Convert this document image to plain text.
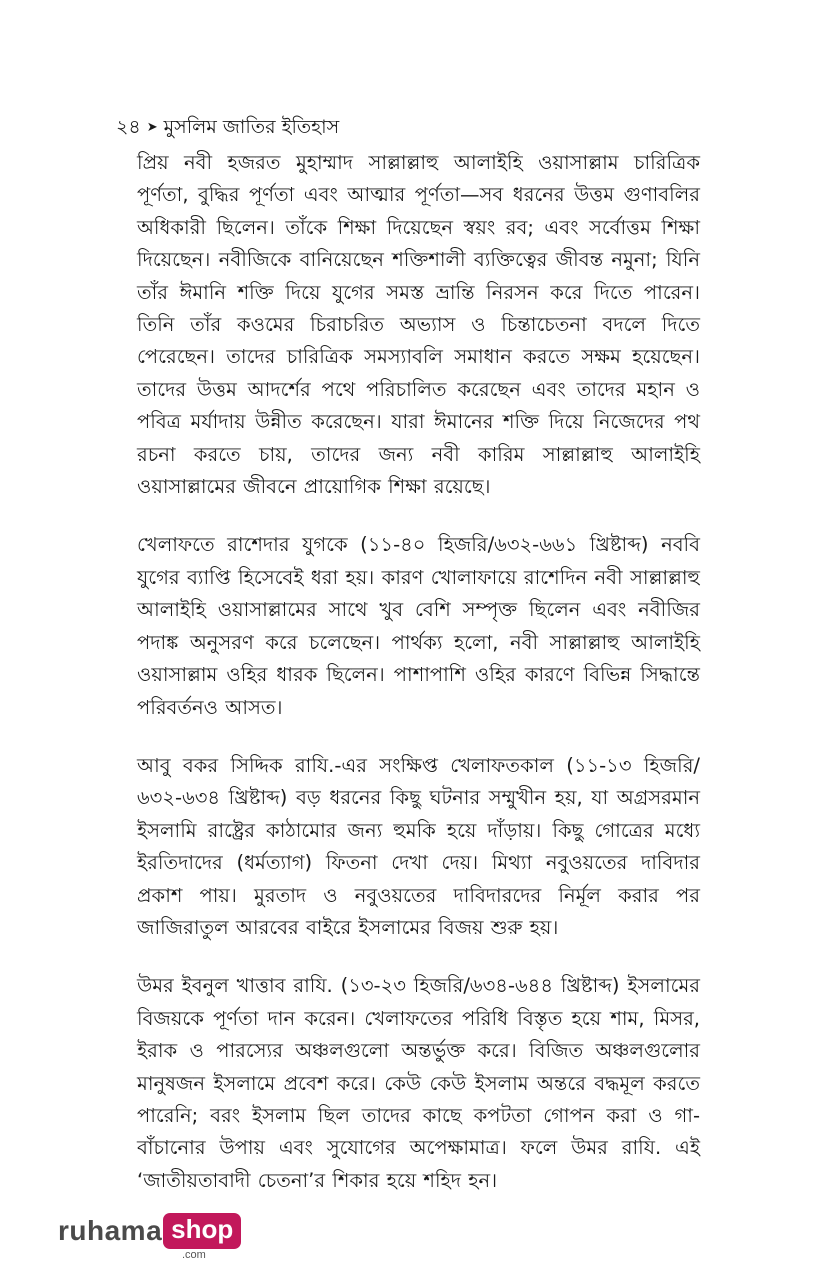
২৪ ➤ মুসলিম জাতির ইতিহাস

প্রিয় নবী হজরত মুহাম্মাদ সাল্লাল্লাহু আলাইহি ওয়াসাল্লাম চারিত্রিক পূর্ণতা, বুদ্ধির পূর্ণতা এবং আত্মার পূর্ণতা—সব ধরনের উত্তম গুণাবলির অধিকারী ছিলেন। তাঁকে শিক্ষা দিয়েছেন স্বয়ং রব; এবং সর্বোত্তম শিক্ষা দিয়েছেন। নবীজিকে বানিয়েছেন শক্তিশালী ব্যক্তিত্বের জীবন্ত নমুনা; যিনি তাঁর ঈমানি শক্তি দিয়ে যুগের সমস্ত ভ্রান্তি নিরসন করে দিতে পারেন। তিনি তাঁর কওমের চিরাচরিত অভ্যাস ও চিন্তাচেতনা বদলে দিতে পেরেছেন। তাদের চারিত্রিক সমস্যাবলি সমাধান করতে সক্ষম হয়েছেন। তাদের উত্তম আদর্শের পথে পরিচালিত করেছেন এবং তাদের মহান ও পবিত্র মর্যাদায় উন্নীত করেছেন। যারা ঈমানের শক্তি দিয়ে নিজেদের পথ রচনা করতে চায়, তাদের জন্য নবী কারিম সাল্লাল্লাহু আলাইহি ওয়াসাল্লামের জীবনে প্রায়োগিক শিক্ষা রয়েছে।

খেলাফতে রাশেদার যুগকে (১১-৪০ হিজরি/৬৩২-৬৬১ খ্রিষ্টাব্দ) নববি যুগের ব্যাপ্তি হিসেবেই ধরা হয়। কারণ খোলাফায়ে রাশেদিন নবী সাল্লাল্লাহু আলাইহি ওয়াসাল্লামের সাথে খুব বেশি সম্পৃক্ত ছিলেন এবং নবীজির পদাঙ্ক অনুসরণ করে চলেছেন। পার্থক্য হলো, নবী সাল্লাল্লাহু আলাইহি ওয়াসাল্লাম ওহির ধারক ছিলেন। পাশাপাশি ওহির কারণে বিভিন্ন সিদ্ধান্তে পরিবর্তনও আসত।

আবু বকর সিদ্দিক রাযি.-এর সংক্ষিপ্ত খেলাফতকাল (১১-১৩ হিজরি/৬৩২-৬৩৪ খ্রিষ্টাব্দ) বড় ধরনের কিছু ঘটনার সম্মুখীন হয়, যা অগ্রসরমান ইসলামি রাষ্ট্রের কাঠামোর জন্য হুমকি হয়ে দাঁড়ায়। কিছু গোত্রের মধ্যে ইরতিদাদের (ধর্মত্যাগ) ফিতনা দেখা দেয়। মিথ্যা নবুওয়তের দাবিদার প্রকাশ পায়। মুরতাদ ও নবুওয়তের দাবিদারদের নির্মূল করার পর জাজিরাতুল আরবের বাইরে ইসলামের বিজয় শুরু হয়।

উমর ইবনুল খাত্তাব রাযি. (১৩-২৩ হিজরি/৬৩৪-৬৪৪ খ্রিষ্টাব্দ) ইসলামের বিজয়কে পূর্ণতা দান করেন। খেলাফতের পরিধি বিস্তৃত হয়ে শাম, মিসর, ইরাক ও পারস্যের অঞ্চলগুলো অন্তর্ভুক্ত করে। বিজিত অঞ্চলগুলোর মানুষজন ইসলামে প্রবেশ করে। কেউ কেউ ইসলাম অন্তরে বদ্ধমূল করতে পারেনি; বরং ইসলাম ছিল তাদের কাছে কপটতা গোপন করা ও গা-বাঁচানোর উপায় এবং সুযোগের অপেক্ষামাত্র। ফলে উমর রাযি. এই ‘জাতীয়তাবাদী চেতনা’র শিকার হয়ে শহিদ হন।

ruhama shop
.com
